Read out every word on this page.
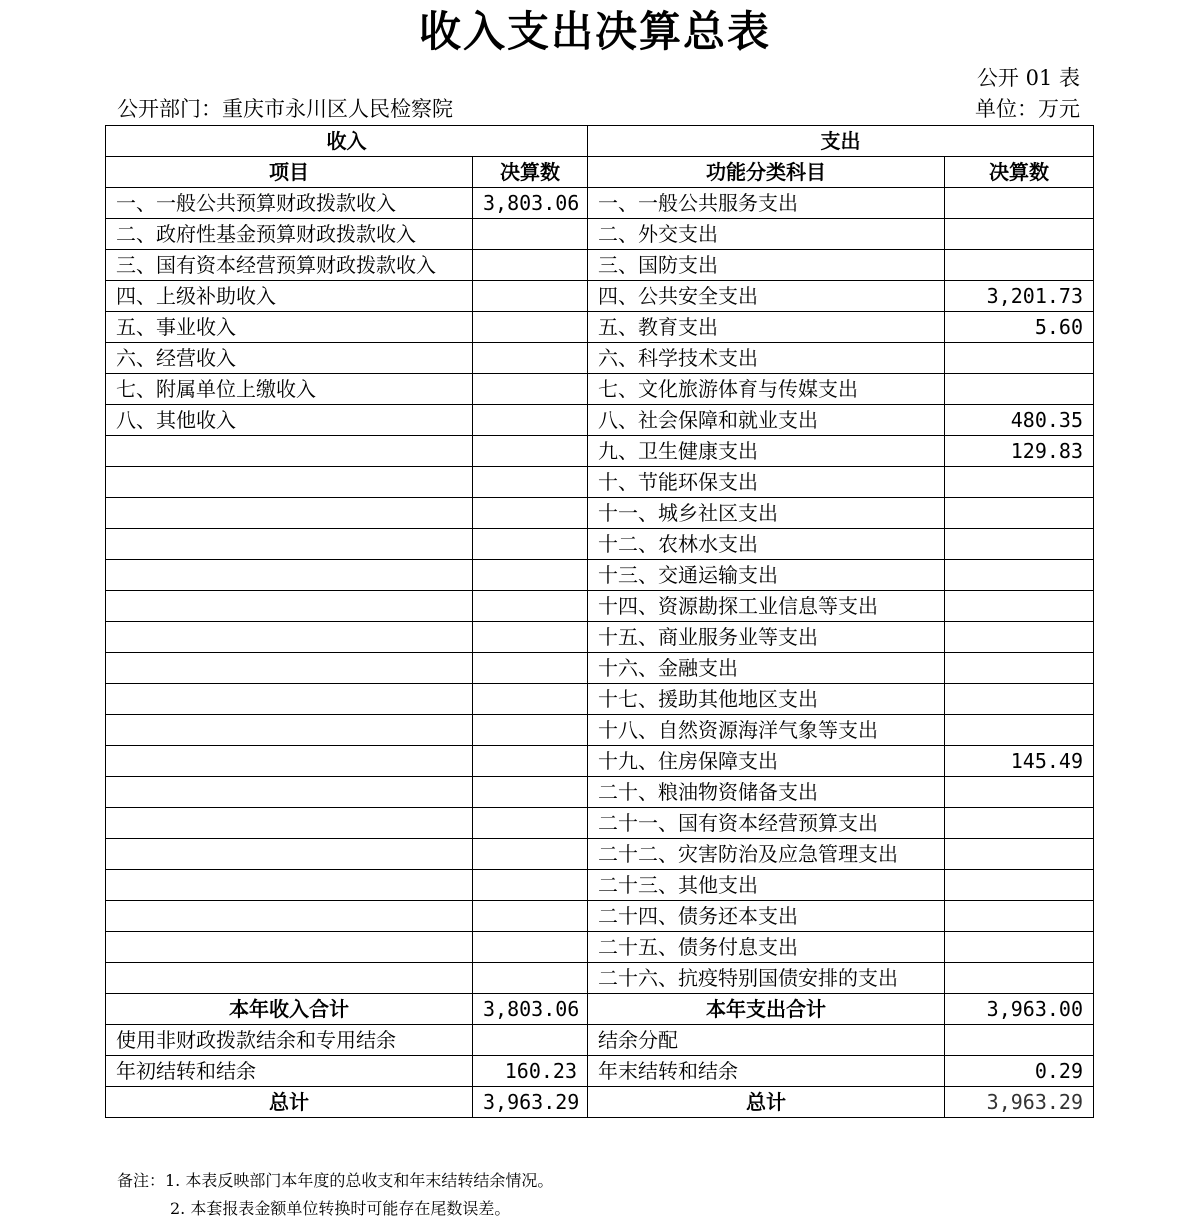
收入支出决算总表
公开 01 表
公开部门：重庆市永川区人民检察院	单位：万元
收入		支出	
项目	决算数	功能分类科目	决算数
一、一般公共预算财政拨款收入	3,803.06	一、一般公共服务支出	
二、政府性基金预算财政拨款收入		二、外交支出	
三、国有资本经营预算财政拨款收入		三、国防支出	
四、上级补助收入		四、公共安全支出	3,201.73
五、事业收入		五、教育支出	5.60
六、经营收入		六、科学技术支出	
七、附属单位上缴收入		七、文化旅游体育与传媒支出	
八、其他收入		八、社会保障和就业支出	480.35
		九、卫生健康支出	129.83
		十、节能环保支出	
		十一、城乡社区支出	
		十二、农林水支出	
		十三、交通运输支出	
		十四、资源勘探工业信息等支出	
		十五、商业服务业等支出	
		十六、金融支出	
		十七、援助其他地区支出	
		十八、自然资源海洋气象等支出	
		十九、住房保障支出	145.49
		二十、粮油物资储备支出	
		二十一、国有资本经营预算支出	
		二十二、灾害防治及应急管理支出	
		二十三、其他支出	
		二十四、债务还本支出	
		二十五、债务付息支出	
		二十六、抗疫特别国债安排的支出	
本年收入合计	3,803.06	本年支出合计	3,963.00
使用非财政拨款结余和专用结余		结余分配	
年初结转和结余	160.23	年末结转和结余	0.29
总计	3,963.29	总计	3,963.29
备注：1. 本表反映部门本年度的总收支和年末结转结余情况。
2. 本套报表金额单位转换时可能存在尾数误差。
